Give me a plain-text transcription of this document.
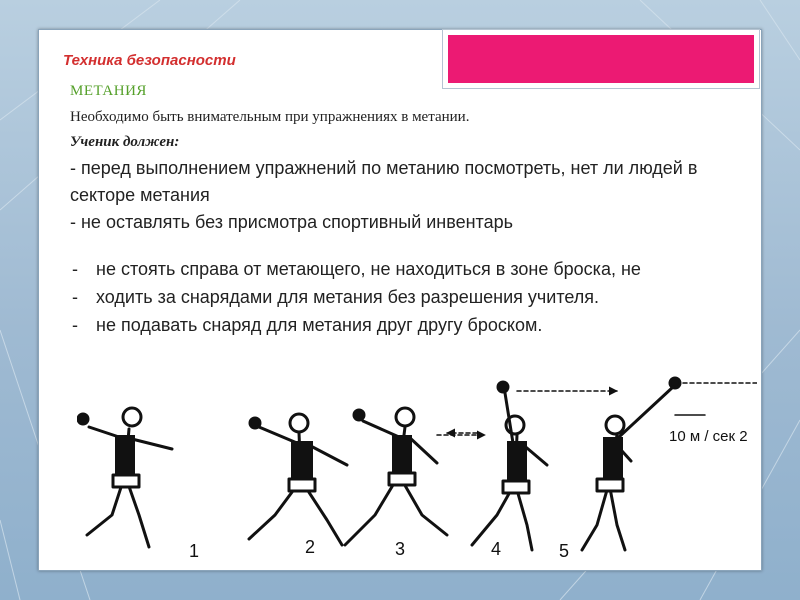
Техника безопасности
МЕТАНИЯ
Необходимо быть внимательным при упражнениях в метании.
Ученик должен:
- перед выполнением упражнений по метанию посмотреть, нет ли людей в секторе метания
- не оставлять без присмотра спортивный инвентарь
-	не стоять справа от метающего, не находиться в зоне броска, не
-	ходить за снарядами для метания без разрешения учителя.
-	не подавать снаряд для метания друг другу броском.
10 м / сек 2
1	2	3	4	5
